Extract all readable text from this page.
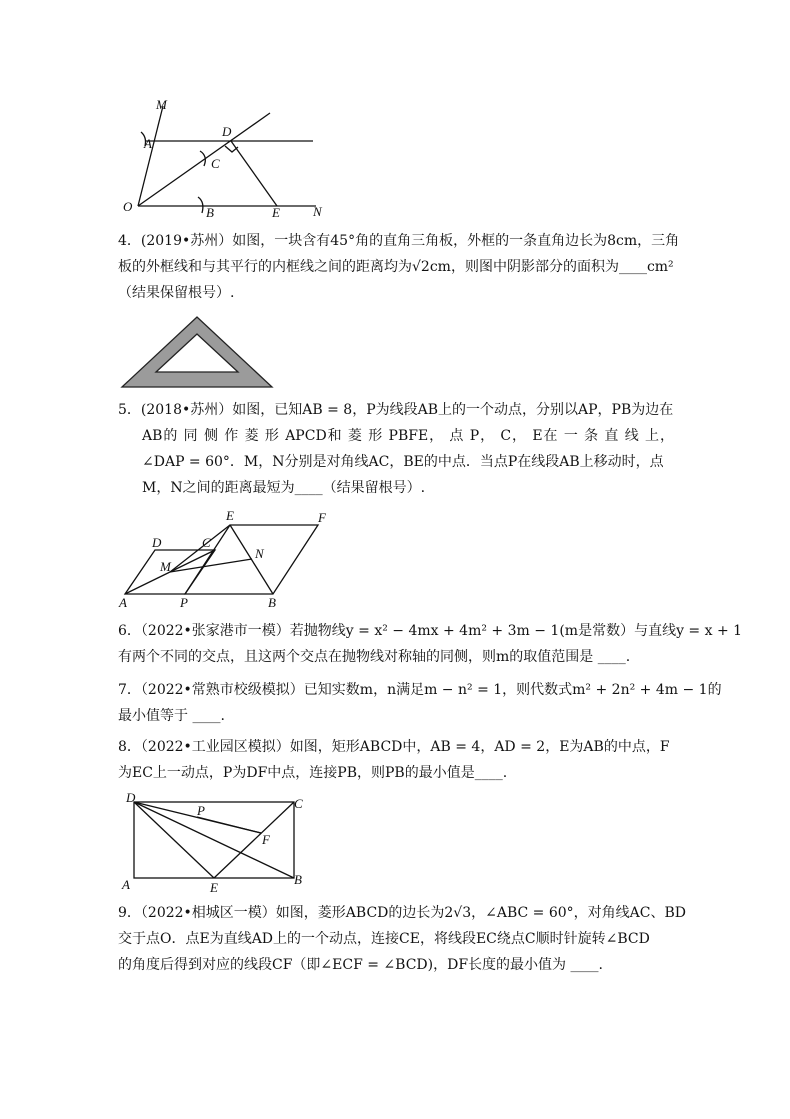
M
A
D
C
O	B	E	N
4．(2019•苏州）如图，一块含有45°角的直角三角板，外框的一条直角边长为8cm，三角
板的外框线和与其平行的内框线之间的距离均为√2cm，则图中阴影部分的面积为____cm²
（结果保留根号）.
5．(2018•苏州）如图，已知AB = 8，P为线段AB上的一个动点，分别以AP，PB为边在
AB的 同 侧 作 菱 形 APCD和 菱 形 PBFE， 点 P， C， E在 一 条 直 线 上，
∠DAP = 60°．M，N分别是对角线AC，BE的中点．当点P在线段AB上移动时，点
M，N之间的距离最短为____（结果留根号）.
E	F
D	C
N
M
A	P	B
6．（2022•张家港市一模）若抛物线y = x² − 4mx + 4m² + 3m − 1(m是常数）与直线y = x + 1
有两个不同的交点，且这两个交点在抛物线对称轴的同侧，则m的取值范围是 ____.
7．（2022•常熟市校级模拟）已知实数m，n满足m − n² = 1，则代数式m² + 2n² + 4m − 1的
最小值等于 ____.
8．（2022•工业园区模拟）如图，矩形ABCD中，AB = 4，AD = 2，E为AB的中点，F
为EC上一动点，P为DF中点，连接PB，则PB的最小值是____.
D	C
P
F
A	E
B
9．（2022•相城区一模）如图，菱形ABCD的边长为2√3，∠ABC = 60°，对角线AC、BD
交于点O．点E为直线AD上的一个动点，连接CE，将线段EC绕点C顺时针旋转∠BCD
的角度后得到对应的线段CF（即∠ECF = ∠BCD)，DF长度的最小值为 ____.
